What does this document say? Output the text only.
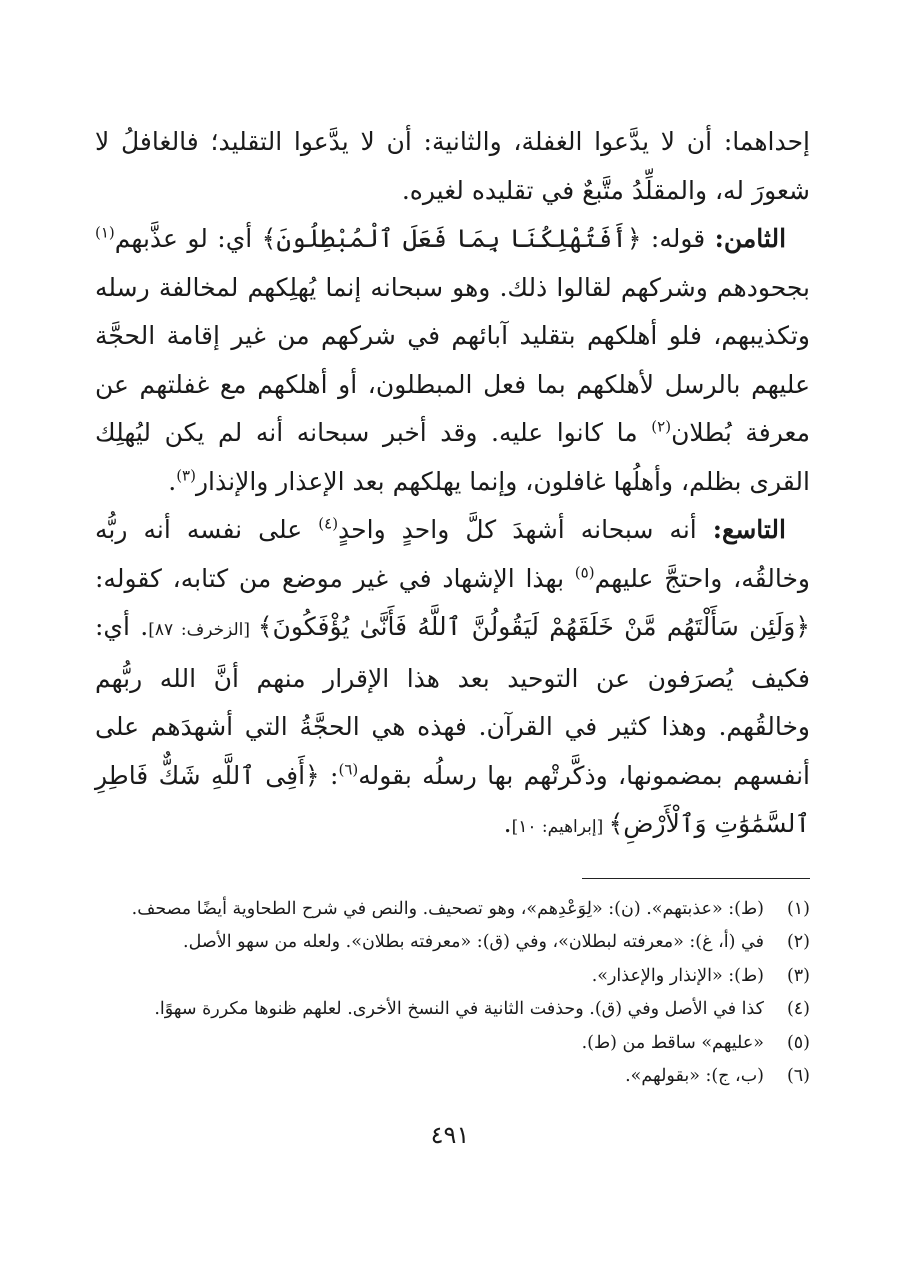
إحداهما: أن لا يدَّعوا الغفلة، والثانية: أن لا يدَّعوا التقليد؛ فالغافلُ لا شعورَ له، والمقلِّدُ متَّبعٌ في تقليده لغيره.

الثامن: قوله: ﴿أَفَتُهْلِكُنَا بِمَا فَعَلَ ٱلْمُبْطِلُونَ﴾ أي: لو عذَّبهم$^{(١)}$ بجحودهم وشركهم لقالوا ذلك. وهو سبحانه إنما يُهلِكهم لمخالفة رسله وتكذيبهم، فلو أهلكهم بتقليد آبائهم في شركهم من غير إقامة الحجَّة عليهم بالرسل لأهلكهم بما فعل المبطلون، أو أهلكهم مع غفلتهم عن معرفة بُطلان$^{(٢)}$ ما كانوا عليه. وقد أخبر سبحانه أنه لم يكن ليُهلِك القرى بظلم، وأهلُها غافلون، وإنما يهلكهم بعد الإعذار والإنذار$^{(٣)}$.

التاسع: أنه سبحانه أشهدَ كلَّ واحدٍ واحدٍ$^{(٤)}$ على نفسه أنه ربُّه وخالقُه، واحتجَّ عليهم$^{(٥)}$ بهذا الإشهاد في غير موضع من كتابه، كقوله: ﴿وَلَئِن سَأَلْتَهُم مَّنْ خَلَقَهُمْ لَيَقُولُنَّ ٱللَّهُ فَأَنَّىٰ يُؤْفَكُونَ﴾ [الزخرف: ٨٧]. أي: فكيف يُصرَفون عن التوحيد بعد هذا الإقرار منهم أنَّ الله ربُّهم وخالقُهم. وهذا كثير في القرآن. فهذه هي الحجَّةُ التي أشهدَهم على أنفسهم بمضمونها، وذكَّرتْهم بها رسلُه بقوله$^{(٦)}$: ﴿أَفِى ٱللَّهِ شَكٌّ فَاطِرِ ٱلسَّمَٰوَٰتِ وَٱلْأَرْضِ﴾ [إبراهيم: ١٠].

(١)
(ط): «عذبتهم». (ن): «لِوَعْدِهم»، وهو تصحيف. والنص في شرح الطحاوية أيضًا مصحف.
(٢)
في (أ، غ): «معرفته لبطلان»، وفي (ق): «معرفته بطلان». ولعله من سهو الأصل.
(٣)
(ط): «الإنذار والإعذار».
(٤)
كذا في الأصل وفي (ق). وحذفت الثانية في النسخ الأخرى. لعلهم ظنوها مكررة سهوًا.
(٥)
«عليهم» ساقط من (ط).
(٦)
(ب، ج): «بقولهم».
٤٩١
